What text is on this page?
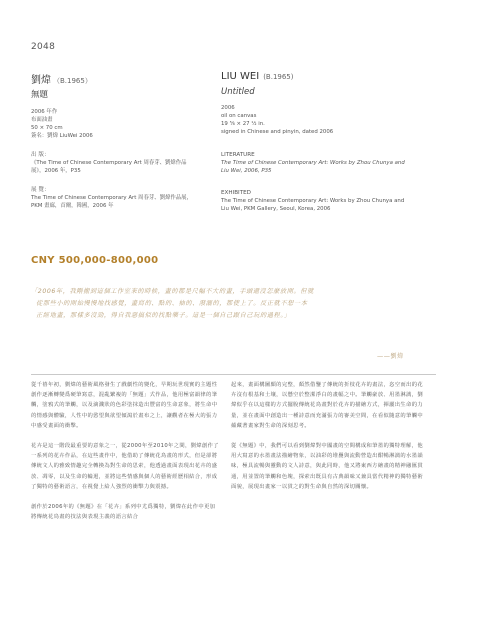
2048
劉煒 （B.1965）
無題

2006 年作

布面油畫

50 × 70 cm

簽名：劉煒 LiuWei 2006

出 版：

《The Time of Chinese Contemporary Art 周春芽、劉煒作品

展》，2006 年，P35

展 覽：

The Time of Chinese Contemporary Art 周春芽、劉煒作品展，

PKM 畫廊，首爾，韓國，2006 年

LIU WEI (B.1965)
Untitled

2006

oil on canvas

19 ⁵⁄₈ × 27 ¹⁄₂ in.

signed in Chinese and pinyin, dated 2006

LITERATURE

The Time of Chinese Contemporary Art: Works by Zhou Chunya and

Liu Wei, 2006, P35

EXHIBITED

The Time of Chinese Contemporary Art: Works by Zhou Chunya and

Liu Wei, PKM Gallery, Seoul, Korea, 2006

CNY 500,000-800,000
「2006年，我剛搬到這個工作室來的時候，畫的都是尺幅不大的畫，手頭還沒怎麼放開。但就
從那些小的開始慢慢地找感覺，畫寫的、點的、抽的、潑灑的，都使上了。反正就不想一本
正經地畫，那樣多沒勁，得自我惡搞似的找點樂子。這是一個自己跟自己玩的過程。」
——劉煒

從千禧年初，劉煒的藝術風格發生了戲劇性的變化，早期玩世現實的主題性創作逐漸轉變爲硬筆寫意，混亂繁複的「無題」式作品，他用極富韻律的筆觸，塗鴉式的筆觸，以及滴濺狀的色彩塗抹造出豐富的生命意象，將生命中的情感與體驗，人性中的慾望與欲望傾瀉於畫布之上，讓觀者在極大的張力中感受畫面的衝擊。

花卉是這一階段最重要的意象之一，從2000年至2010年之間，劉煒創作了一系列的花卉作品，在這些畫作中，他借助了傳統花鳥畫的形式，但是卻將傳統文人的雅致情趣完全轉換為對生命的思索，他透過畫面表現出花卉的盛放、凋零，以及生命的輪迴，並將這些情感與個人的藝術經歷相結合，形成了獨特的藝術語言，在視覺上給人強烈的衝擊力與震撼。

創作於2006年的《無題》在「花卉」系列中尤爲獨特，劉煒在此作中更加將傳統花鳥畫的技法與表現主義的語言結合

起來，畫面構圖頗的完整，顏然借鑒了傳統的折枝花卉的畫法，恣空而出的花卉沒有根基和土壤，以懸空於整潔淨白的畫幅之中。筆觸豪放、用墨淋漓，劉煒似乎在以這樣的方式擺脫傳統花鳥畫對於花卉的描繪方式，揮灑出生命的力量，並在畫面中創造出一種詩意而充滿張力的審美空間，在看似隨意的筆觸中蘊藏著畫家對生命的深刻思考。

從《無題》中，我們可以看到劉煒對中國畫的空間構成和筆墨的獨特理解，他用大寫意的水墨畫法描繪物象，以油彩的堆疊與流動營造出酣暢淋漓的水墨韻味，極具流暢與靈動的文人詩意，與此同時，他又將東西方繪畫的精神融匯貫通，用並置的筆觸和色塊，探索出既具有古典韻味又兼具當代精神的獨特藝術面貌，展現出畫家一以貫之的對生命與自然的深切關懷。
